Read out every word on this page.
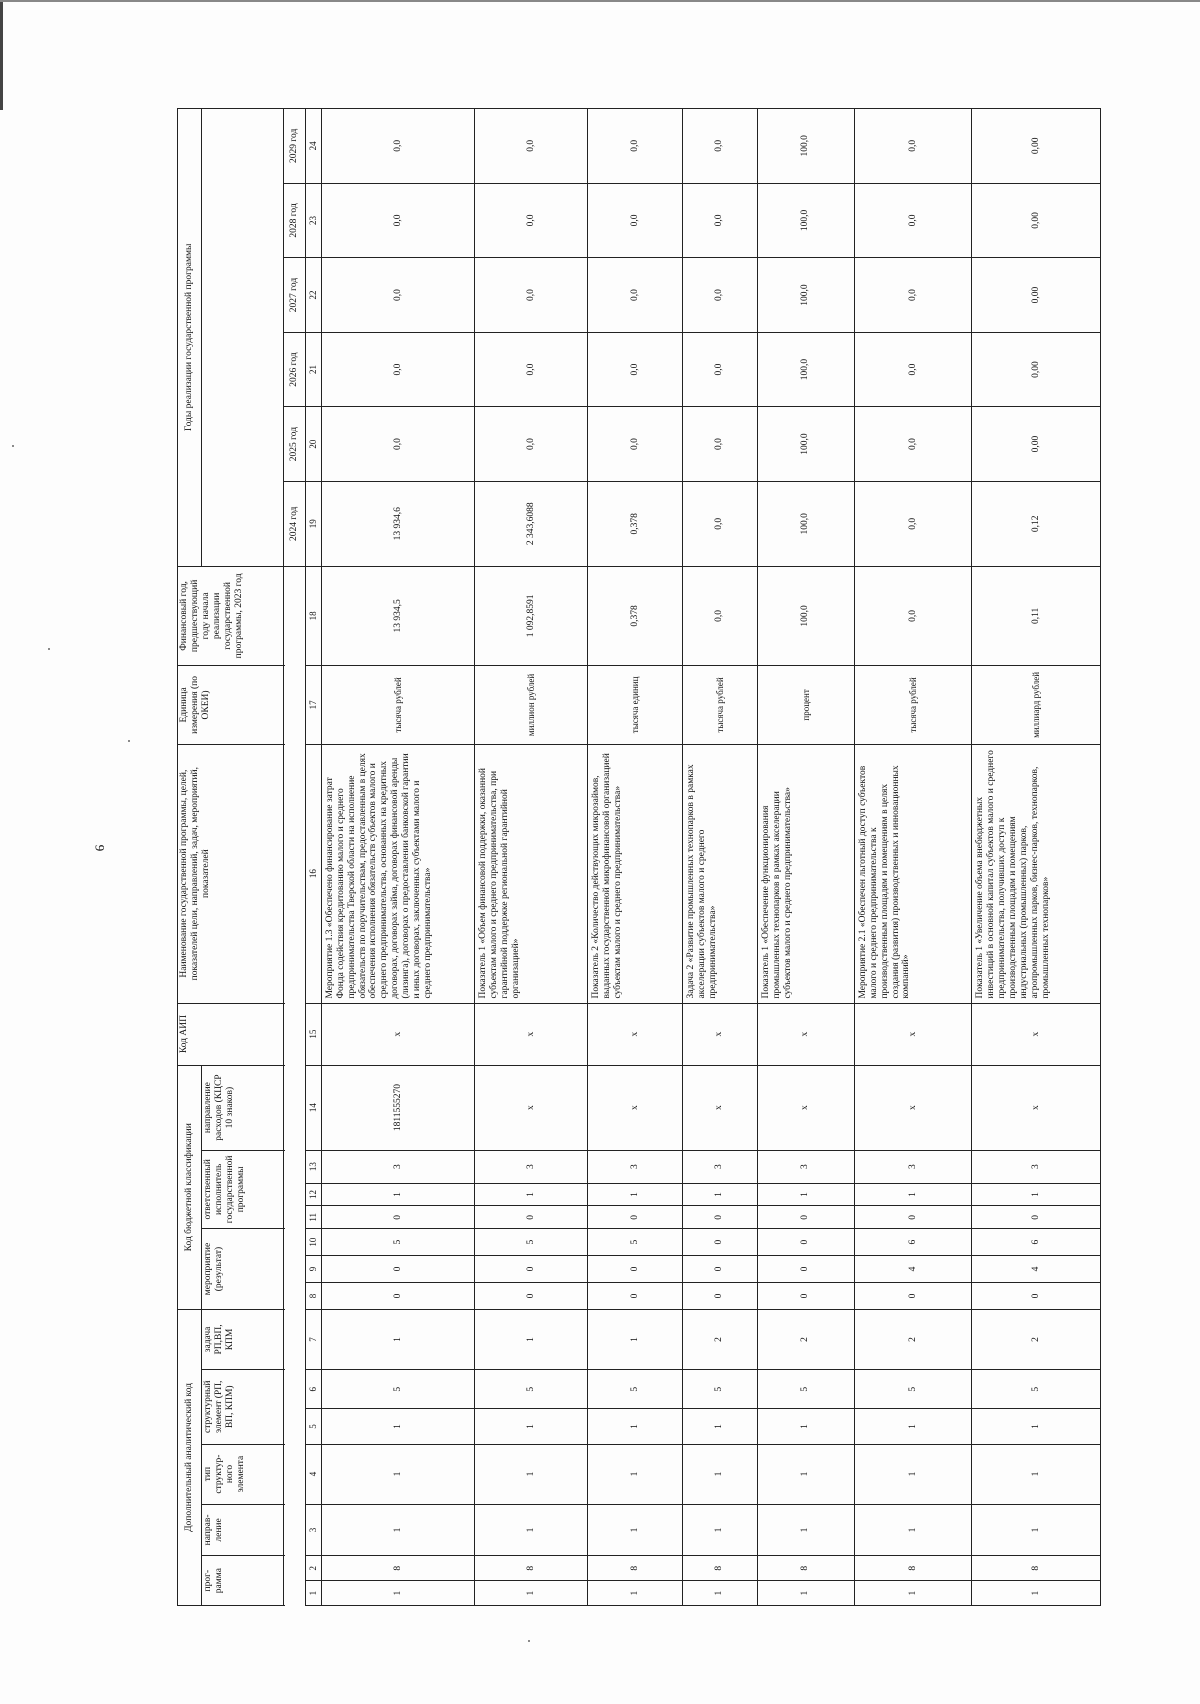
9
Дополнительный аналитический код							Код бюджетной классификации							Код АИП	Наименование государственной программы, целей, показателей цели, направлений, задач, мероприятий, показателей	Единица измерения (по ОКЕИ)	Финансовый год, предшествующий году начала реализации государственной программы, 2023 год	Годы реализации государственной программы					
прог-рамма		направ-ление	тип структур-ного элемента	структурный элемент (РП, ВП, КПМ)		задача РП,ВП, КПМ	мероприятие (результат)			ответственный исполнитель государственной программы			направление расходов (КЦСР 10 знаков)										

																		2024 год	2025 год	2026 год	2027 год	2028 год	2029 год
1	2	3	4	5	6	7	8	9	10	11	12	13	14	15	16	17	18	19	20	21	22	23	24
1	8	1	1	1	5	1	0	0	5	0	1	3	1811555270	х	Мероприятие 1.3 «Обеспечено финансирование затрат Фонда содействия кредитованию малого и среднего предпринимательства Тверской области на исполнение обязательств по поручительствам, предоставленным в целях обеспечения исполнения обязательств субъектов малого и среднего предпринимательства, основанных на кредитных договорах, договорах займа, договорах финансовой аренды (лизинга), договорах о предоставлении банковской гарантии и иных договорах, заключенных субъектами малого и среднего предпринимательства»	тысяча рублей	13 934,5	13 934,6	0,0	0,0	0,0	0,0	0,0
1	8	1	1	1	5	1	0	0	5	0	1	3	х	х	Показатель 1 «Объем финансовой поддержки, оказанной субъектам малого и среднего предпринимательства, при гарантийной поддержке региональной гарантийной организацией»	миллион рублей	1 092,8591	2 343,6088	0,0	0,0	0,0	0,0	0,0
1	8	1	1	1	5	1	0	0	5	0	1	3	х	х	Показатель 2 «Количество действующих микрозаймов, выданных государственной микрофинансовой организацией субъектам малого и среднего предпринимательства»	тысяча единиц	0,378	0,378	0,0	0,0	0,0	0,0	0,0
1	8	1	1	1	5	2	0	0	0	0	1	3	х	х	Задача 2 «Развитие промышленных технопарков в рамках акселерации субъектов малого и среднего предпринимательства»	тысяча рублей	0,0	0,0	0,0	0,0	0,0	0,0	0,0
1	8	1	1	1	5	2	0	0	0	0	1	3	х	х	Показатель 1 «Обеспечение функционирования промышленных технопарков в рамках акселерации субъектов малого и среднего предпринимательства»	процент	100,0	100,0	100,0	100,0	100,0	100,0	100,0
1	8	1	1	1	5	2	0	4	6	0	1	3	х	х	Мероприятие 2.1 «Обеспечен льготный доступ субъектов малого и среднего предпринимательства к производственным площадям и помещениям в целях создания (развития) производственных и инновационных компаний»	тысяча рублей	0,0	0,0	0,0	0,0	0,0	0,0	0,0
1	8	1	1	1	5	2	0	4	6	0	1	3	х	х	Показатель 1 «Увеличение объема внебюджетных инвестиций в основной капитал субъектов малого и среднего предпринимательства, получивших доступ к производственным площадям и помещениям индустриальных (промышленных) парков, агропромышленных парков, бизнес-парков, технопарков, промышленных технопарков»	миллиард рублей	0,11	0,12	0,00	0,00	0,00	0,00	0,00
